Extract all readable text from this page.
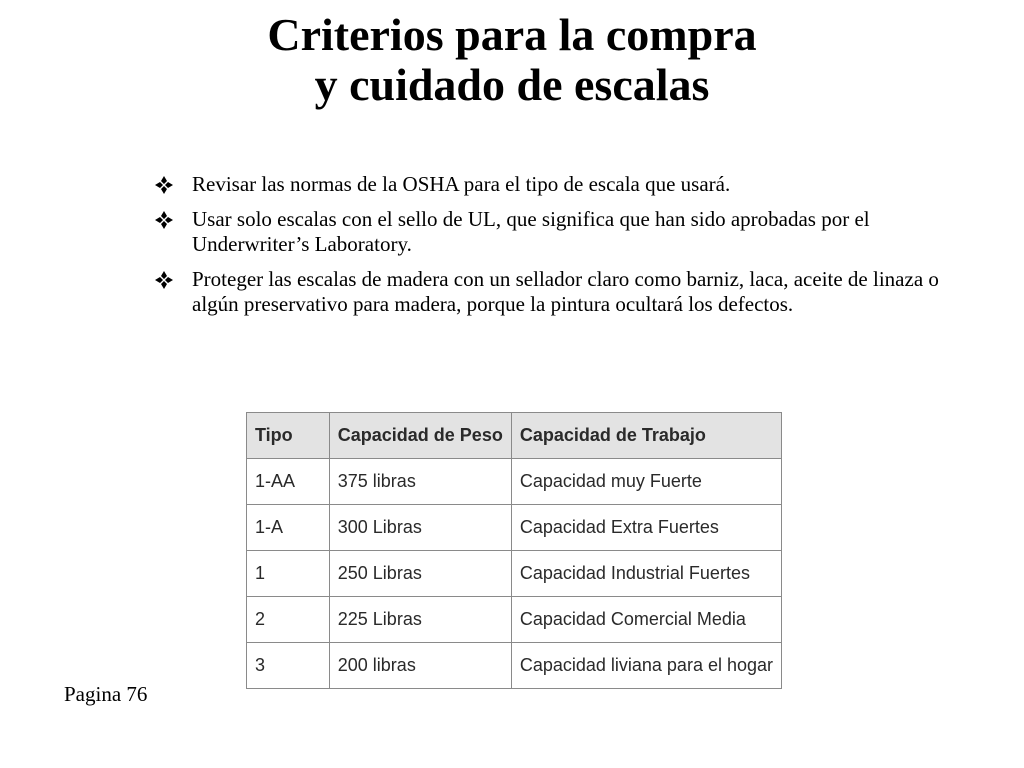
Criterios para la compra
y cuidado de escalas
Revisar las normas de la OSHA para el tipo de escala que usará.
Usar solo escalas con el sello de UL, que significa que han sido aprobadas por el Underwriter’s Laboratory.
Proteger las escalas de madera con un sellador claro como barniz, laca, aceite de linaza o algún preservativo para madera, porque la pintura ocultará los defectos.
Tipo	Capacidad de Peso	Capacidad de Trabajo
1-AA	375 libras	Capacidad muy Fuerte
1-A	300 Libras	Capacidad Extra Fuertes
1	250 Libras	Capacidad Industrial Fuertes
2	225 Libras	Capacidad Comercial Media
3	200 libras	Capacidad liviana para el hogar
Pagina 76
